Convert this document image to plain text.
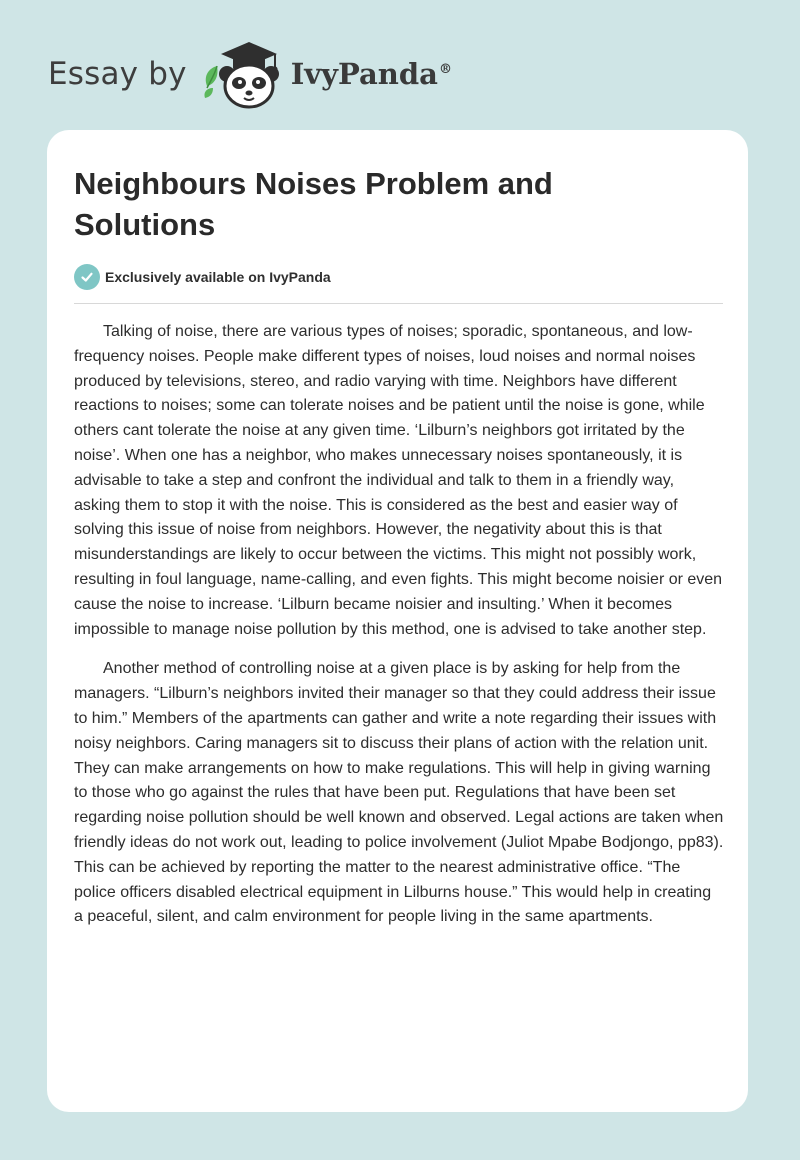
Essay by	IvyPanda®
Neighbours Noises Problem and Solutions
Exclusively available on IvyPanda

Talking of noise, there are various types of noises; sporadic, spontaneous, and low-frequency noises. People make different types of noises, loud noises and normal noises produced by televisions, stereo, and radio varying with time. Neighbors have different reactions to noises; some can tolerate noises and be patient until the noise is gone, while others cant tolerate the noise at any given time. ‘Lilburn’s neighbors got irritated by the noise’. When one has a neighbor, who makes unnecessary noises spontaneously, it is advisable to take a step and confront the individual and talk to them in a friendly way, asking them to stop it with the noise. This is considered as the best and easier way of solving this issue of noise from neighbors. However, the negativity about this is that misunderstandings are likely to occur between the victims. This might not possibly work, resulting in foul language, name-calling, and even fights. This might become noisier or even cause the noise to increase. ‘Lilburn became noisier and insulting.’ When it becomes impossible to manage noise pollution by this method, one is advised to take another step.

Another method of controlling noise at a given place is by asking for help from the managers. “Lilburn’s neighbors invited their manager so that they could address their issue to him.” Members of the apartments can gather and write a note regarding their issues with noisy neighbors. Caring managers sit to discuss their plans of action with the relation unit. They can make arrangements on how to make regulations. This will help in giving warning to those who go against the rules that have been put. Regulations that have been set regarding noise pollution should be well known and observed. Legal actions are taken when friendly ideas do not work out, leading to police involvement (Juliot Mpabe Bodjongo, pp83). This can be achieved by reporting the matter to the nearest administrative office. “The police officers disabled electrical equipment in Lilburns house.” This would help in creating a peaceful, silent, and calm environment for people living in the same apartments.
